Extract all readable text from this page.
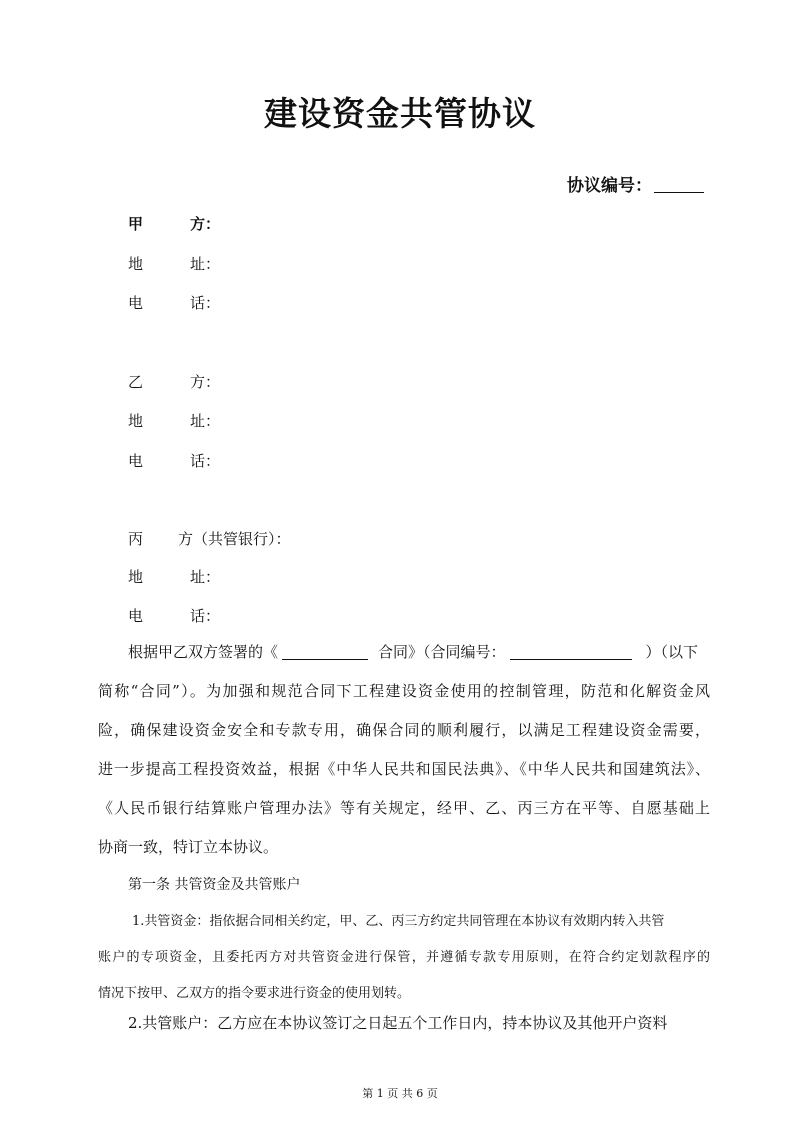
建设资金共管协议
协议编号：
甲	方：
地	址：
电	话：
乙	方：
地	址：
电	话：
丙 方（共管银行）：
地	址：
电	话：
根据甲乙双方签署的《	合同》（合同编号：	）（以下
简称“合同”）。为加强和规范合同下工程建设资金使用的控制管理，防范和化解资金风
险，确保建设资金安全和专款专用，确保合同的顺利履行，以满足工程建设资金需要，
进一步提高工程投资效益，根据《中华人民共和国民法典》、《中华人民共和国建筑法》、
《人民币银行结算账户管理办法》等有关规定，经甲、乙、丙三方在平等、自愿基础上
协商一致，特订立本协议。
第一条 共管资金及共管账户
1.共管资金：指依据合同相关约定，甲、乙、丙三方约定共同管理在本协议有效期内转入共管
账户的专项资金，且委托丙方对共管资金进行保管，并遵循专款专用原则，在符合约定划款程序的
情况下按甲、乙双方的指令要求进行资金的使用划转。
2.共管账户：乙方应在本协议签订之日起五个工作日内，持本协议及其他开户资料
第 1 页 共 6 页
